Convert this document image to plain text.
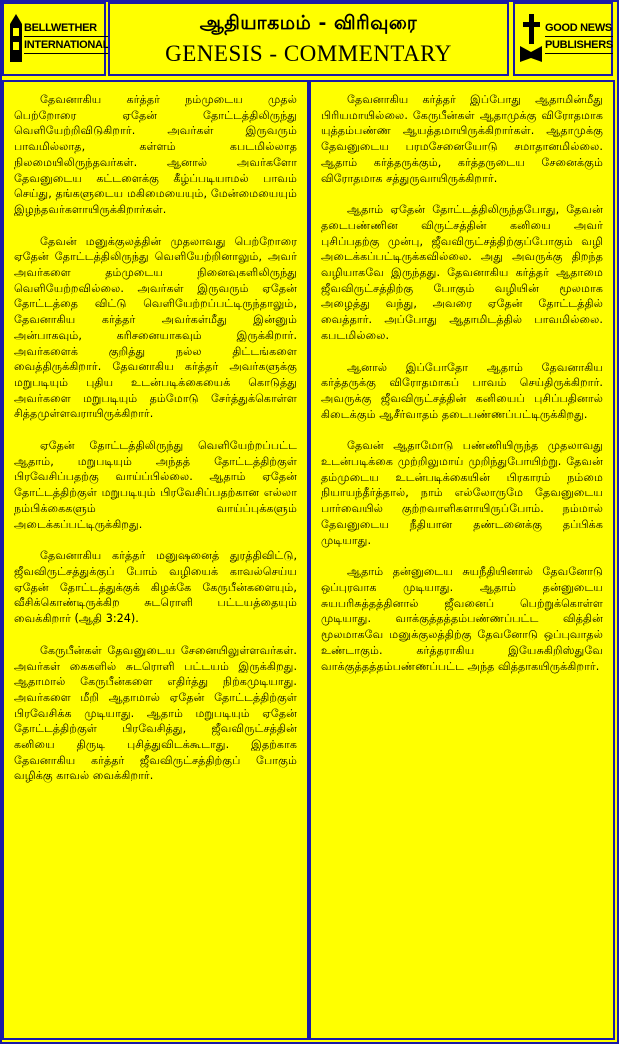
BELLWETHER
INTERNATIONAL
ஆதியாகமம் - விரிவுரை
GENESIS - COMMENTARY
GOOD NEWS
PUBLISHERS

தேவனாகிய கர்த்தர் நம்முடைய முதல் பெற்றோரை ஏதேன் தோட்டத்திலிருந்து வெளியேற்றிவிடுகிறார். அவர்கள் இருவரும் பாவமில்லாத, கள்ளம் கபடமில்லாத நிலமையிலிருந்தவர்கள். ஆனால் அவர்களோ தேவனுடைய கட்டளைக்கு கீழ்ப்படியாமல் பாவம் செய்து, தங்களுடைய மகிமையையும், மேன்மையையும் இழந்தவர்களாயிருக்கிறார்கள்.

தேவன் மனுக்குலத்தின் முதலாவது பெற்றோரை ஏதேன் தோட்டத்திலிருந்து வெளியேற்றினாலும், அவர் அவர்களை தம்முடைய நினைவுகளிலிருந்து வெளியேற்றவில்லை. அவர்கள் இருவரும் ஏதேன் தோட்டத்தை விட்டு வெளியேற்றப்பட்டிருந்தாலும், தேவனாகிய கர்த்தர் அவர்கள்மீது இன்னும் அன்பாகவும், கரிசனையாகவும் இருக்கிறார். அவர்களைக் குறித்து நல்ல திட்டங்களை வைத்திருக்கிறார். தேவனாகிய கர்த்தர் அவர்களுக்கு மறுபடியும் புதிய உடன்படிக்கையைக் கொடுத்து அவர்களை மறுபடியும் தம்மோடு சேர்த்துக்கொள்ள சித்தமுள்ளவராயிருக்கிறார்.

ஏதேன் தோட்டத்திலிருந்து வெளியேற்றப்பட்ட ஆதாம், மறுபடியும் அந்தத் தோட்டத்திற்குள் பிரவேசிப்பதற்கு வாய்ப்பில்லை. ஆதாம் ஏதேன் தோட்டத்திற்குள் மறுபடியும் பிரவேசிப்பதற்கான எல்லா நம்பிக்கைகளும் வாய்ப்புக்களும் அடைக்கப்பட்டிருக்கிறது.

தேவனாகிய கர்த்தர் மனுஷனைத் துரத்திவிட்டு, ஜீவவிருட்சத்துக்குப் போம் வழியைக் காவல்செய்ய ஏதேன் தோட்டத்துக்குக் கிழக்கே கேருபீன்களையும், வீசிக்கொண்டிருக்கிற சுடரொளி பட்டயத்தையும் வைக்கிறார் (ஆதி 3:24).

கேருபீன்கள் தேவனுடைய சேனையிலுள்ளவர்கள். அவர்கள் கைகளில் சுடரொளி பட்டயம் இருக்கிறது. ஆதாமால் கேருபீன்களை எதிர்த்து நிற்கமுடியாது. அவர்களை மீறி ஆதாமால் ஏதேன் தோட்டத்திற்குள் பிரவேசிக்க முடியாது. ஆதாம் மறுபடியும் ஏதேன் தோட்டத்திற்குள் பிரவேசித்து, ஜீவவிருட்சத்தின் கனியை திருடி புசித்துவிடக்கூடாது. இதற்காக தேவனாகிய கர்த்தர் ஜீவவிருட்சத்திற்குப் போகும் வழிக்கு காவல் வைக்கிறார்.

தேவனாகிய கர்த்தர் இப்போது ஆதாமின்மீது பிரியமாயில்லை. கேருபீன்கள் ஆதாமுக்கு விரோதமாக யுத்தம்பண்ண ஆயத்தமாயிருக்கிறார்கள். ஆதாமுக்கு தேவனுடைய பரமசேனையோடு சமாதானமில்லை. ஆதாம் கர்த்தருக்கும், கர்த்தருடைய சேனைக்கும் விரோதமாக சத்துருவாயிருக்கிறார்.

ஆதாம் ஏதேன் தோட்டத்திலிருந்தபோது, தேவன் தடைபண்ணின விருட்சத்தின் கனியை அவர் புசிப்பதற்கு முன்பு, ஜீவவிருட்சத்திற்குப்போகும் வழி அடைக்கப்பட்டிருக்கவில்லை. அது அவருக்கு திறந்த வழியாகவே இருந்தது. தேவனாகிய கர்த்தர் ஆதாமை ஜீவவிருட்சத்திற்கு போகும் வழியின் மூலமாக அழைத்து வந்து, அவரை ஏதேன் தோட்டத்தில் வைத்தார். அப்போது ஆதாமிடத்தில் பாவமில்லை. கபடமில்லை.

ஆனால் இப்போதோ ஆதாம் தேவனாகிய கர்த்தருக்கு விரோதமாகப் பாவம் செய்திருக்கிறார். அவருக்கு ஜீவவிருட்சத்தின் கனியைப் புசிப்பதினால் கிடைக்கும் ஆசீர்வாதம் தடைபண்ணப்பட்டிருக்கிறது.

தேவன் ஆதாமோடு பண்ணியிருந்த முதலாவது உடன்படிக்கை முற்றிலுமாய் முறிந்துபோயிற்று. தேவன் தம்முடைய உடன்படிக்கையின் பிரகாரம் நம்மை நியாயந்தீர்த்தால், நாம் எல்லோருமே தேவனுடைய பார்வையில் குற்றவாளிகளாயிருப்போம். நம்மால் தேவனுடைய நீதியான தண்டனைக்கு தப்பிக்க முடியாது.

ஆதாம் தன்னுடைய சுயநீதியினால் தேவனோடு ஒப்புரவாக முடியாது. ஆதாம் தன்னுடைய சுயபரிசுத்தத்தினால் ஜீவனைப் பெற்றுக்கொள்ள முடியாது. வாக்குத்தத்தம்பண்ணப்பட்ட வித்தின் மூலமாகவே மனுக்குலத்திற்கு தேவனோடு ஒப்புவாதல் உண்டாகும். கர்த்தராகிய இயேசுகிறிஸ்துவே வாக்குத்தத்தம்பண்ணப்பட்ட அந்த வித்தாகயிருக்கிறார்.
